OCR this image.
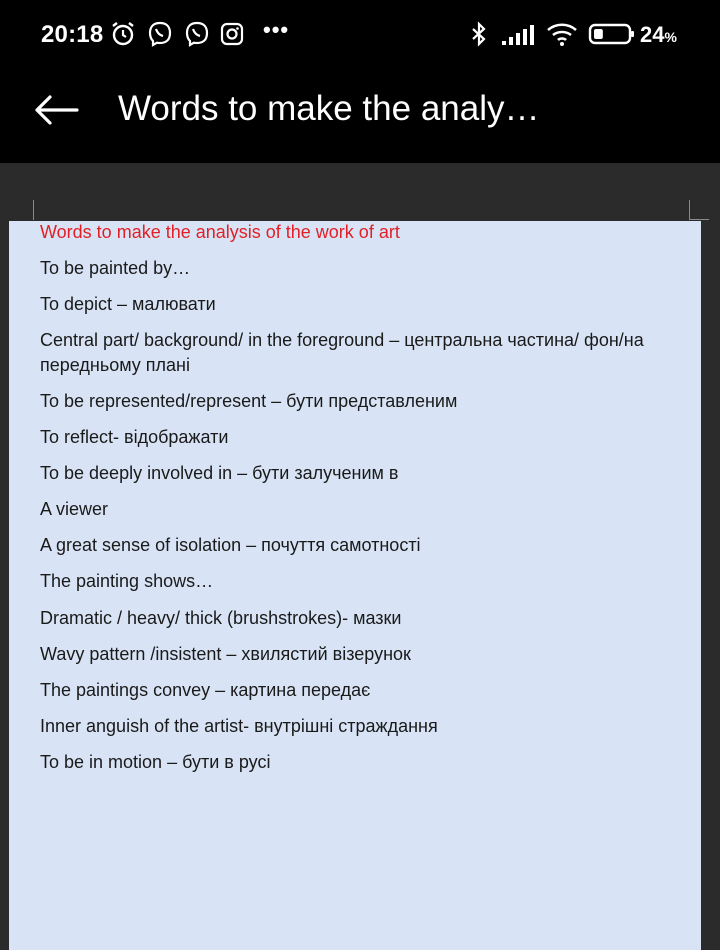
20:18	•••	24%
Words to make the analy…
Words to make the analysis of the work of art
To be painted by…
To depict – малювати
Central part/ background/ in the foreground – центральна частина/ фон/на передньому плані
To be represented/represent – бути представленим
To reflect- відображати
To be deeply involved in – бути залученим в
A viewer
A great sense of isolation – почуття самотності
The painting shows…
Dramatic / heavy/ thick (brushstrokes)- мазки
Wavy pattern /insistent – хвилястий візерунок
The paintings convey – картина передає
Inner anguish of the artist- внутрішні страждання
To be in motion – бути в русі
